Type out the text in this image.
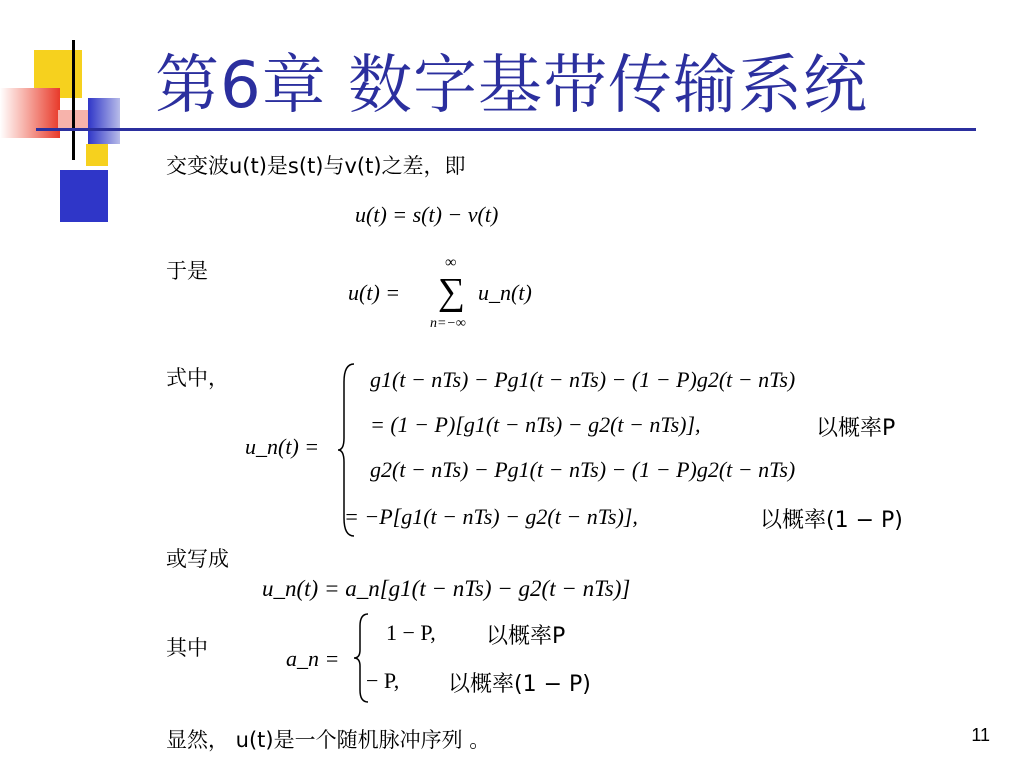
第6章 数字基带传输系统
交变波u(t)是s(t)与v(t)之差，即
u(t) = s(t) − v(t)
于是
u(t) =
∞
∑
n=−∞
u_n(t)
式中，
u_n(t) =
g1(t − nTs) − Pg1(t − nTs) − (1 − P)g2(t − nTs)
= (1 − P)[g1(t − nTs) − g2(t − nTs)],	以概率P
g2(t − nTs) − Pg1(t − nTs) − (1 − P)g2(t − nTs)
= −P[g1(t − nTs) − g2(t − nTs)],	以概率(1 − P)
或写成
u_n(t) = a_n[g1(t − nTs) − g2(t − nTs)]
其中	a_n =
1 − P, 以概率P
− P, 以概率(1 − P)
显然， u(t)是一个随机脉冲序列 。	11
